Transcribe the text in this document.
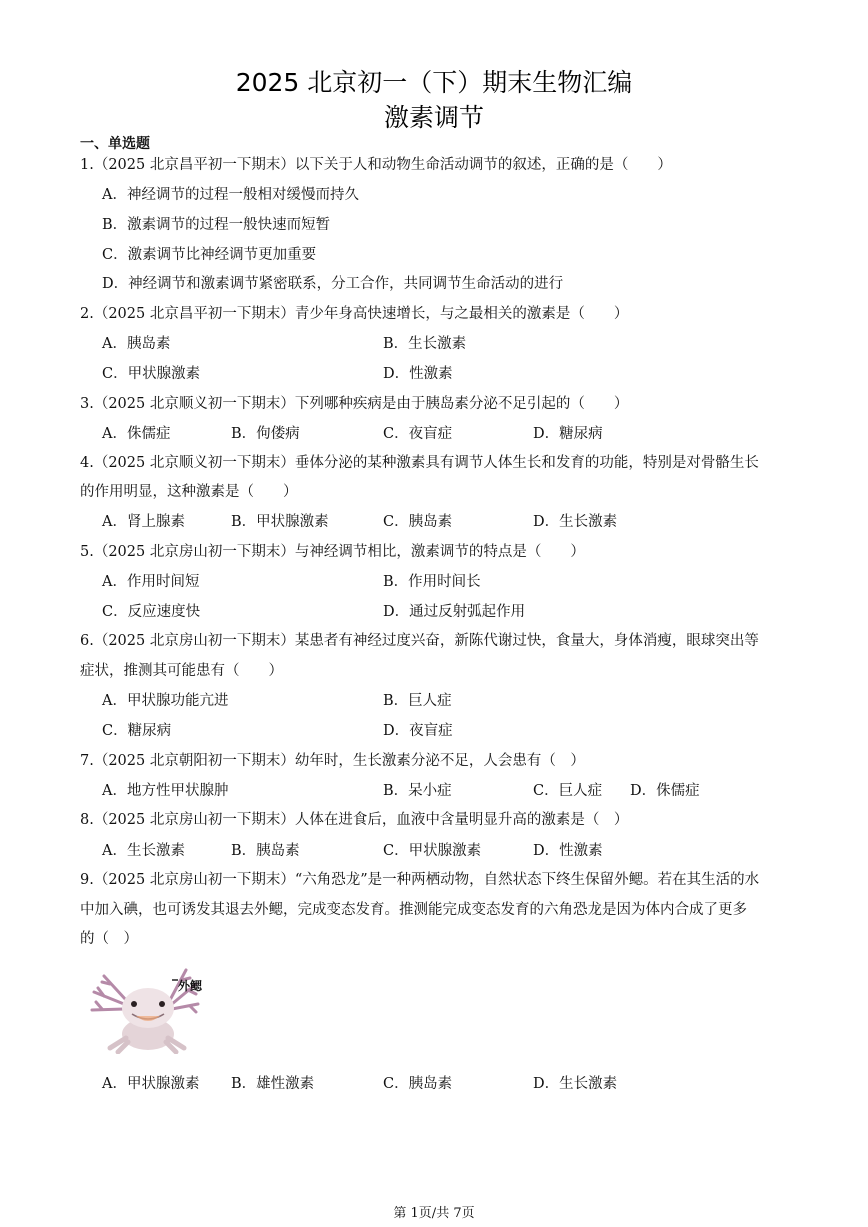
2025 北京初一（下）期末生物汇编
激素调节
一、单选题
1.（2025 北京昌平初一下期末）以下关于人和动物生命活动调节的叙述，正确的是（　　）
A．神经调节的过程一般相对缓慢而持久
B．激素调节的过程一般快速而短暂
C．激素调节比神经调节更加重要
D．神经调节和激素调节紧密联系，分工合作，共同调节生命活动的进行
2.（2025 北京昌平初一下期末）青少年身高快速增长，与之最相关的激素是（　　）
A．胰岛素	B．生长激素
C．甲状腺激素	D．性激素
3.（2025 北京顺义初一下期末）下列哪种疾病是由于胰岛素分泌不足引起的（　　）
A．侏儒症	B．佝偻病	C．夜盲症	D．糖尿病
4.（2025 北京顺义初一下期末）垂体分泌的某种激素具有调节人体生长和发育的功能，特别是对骨骼生长
的作用明显，这种激素是（　　）
A．肾上腺素	B．甲状腺激素	C．胰岛素	D．生长激素
5.（2025 北京房山初一下期末）与神经调节相比，激素调节的特点是（　　）
A．作用时间短	B．作用时间长
C．反应速度快	D．通过反射弧起作用
6.（2025 北京房山初一下期末）某患者有神经过度兴奋，新陈代谢过快，食量大，身体消瘦，眼球突出等
症状，推测其可能患有（　　）
A．甲状腺功能亢进	B．巨人症
C．糖尿病	D．夜盲症
7.（2025 北京朝阳初一下期末）幼年时，生长激素分泌不足，人会患有（　）
A．地方性甲状腺肿	B．呆小症	C．巨人症 D．侏儒症
8.（2025 北京房山初一下期末）人体在进食后，血液中含量明显升高的激素是（　）
A．生长激素	B．胰岛素	C．甲状腺激素	D．性激素
9.（2025 北京房山初一下期末）“六角恐龙”是一种两栖动物，自然状态下终生保留外鳃。若在其生活的水
中加入碘，也可诱发其退去外鳃，完成变态发育。推测能完成变态发育的六角恐龙是因为体内合成了更多
的（　）
外鳃
A．甲状腺激素 B．雄性激素	C．胰岛素	D．生长激素
第 1页/共 7页
